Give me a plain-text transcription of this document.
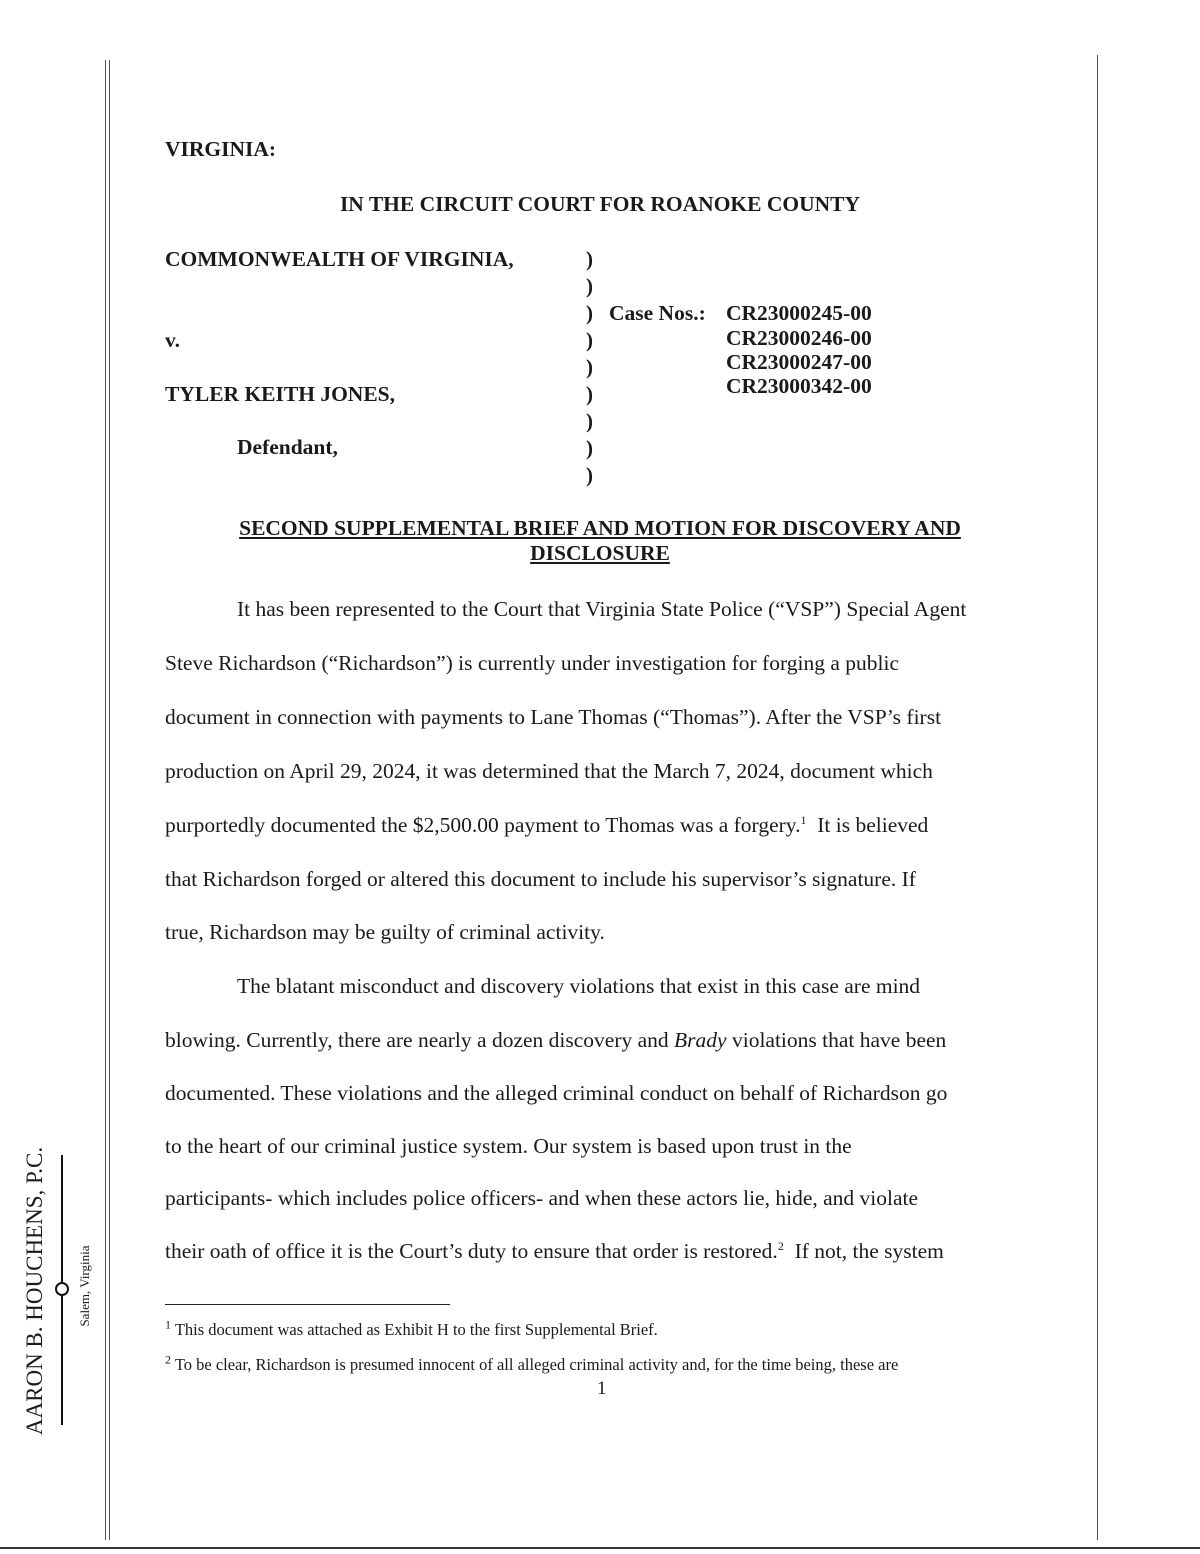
AARON B. HOUCHENS, P.C. Salem, Virginia
VIRGINIA:
IN THE CIRCUIT COURT FOR ROANOKE COUNTY
COMMONWEALTH OF VIRGINIA,
v.
TYLER KEITH JONES,
Defendant,
)
)
)
)
)
)
)
)
)
Case Nos.: CR23000245-00
CR23000246-00
CR23000247-00
CR23000342-00
SECOND SUPPLEMENTAL BRIEF AND MOTION FOR DISCOVERY AND
DISCLOSURE
It has been represented to the Court that Virginia State Police (“VSP”) Special Agent
Steve Richardson (“Richardson”) is currently under investigation for forging a public
document in connection with payments to Lane Thomas (“Thomas”). After the VSP’s first
production on April 29, 2024, it was determined that the March 7, 2024, document which
purportedly documented the $2,500.00 payment to Thomas was a forgery.$^1$ It is believed
that Richardson forged or altered this document to include his supervisor’s signature. If
true, Richardson may be guilty of criminal activity.
The blatant misconduct and discovery violations that exist in this case are mind
blowing. Currently, there are nearly a dozen discovery and Brady violations that have been
documented. These violations and the alleged criminal conduct on behalf of Richardson go
to the heart of our criminal justice system. Our system is based upon trust in the
participants- which includes police officers- and when these actors lie, hide, and violate
their oath of office it is the Court’s duty to ensure that order is restored.$^2$ If not, the system
$^1$ This document was attached as Exhibit H to the first Supplemental Brief.
$^2$ To be clear, Richardson is presumed innocent of all alleged criminal activity and, for the time being, these are
1
